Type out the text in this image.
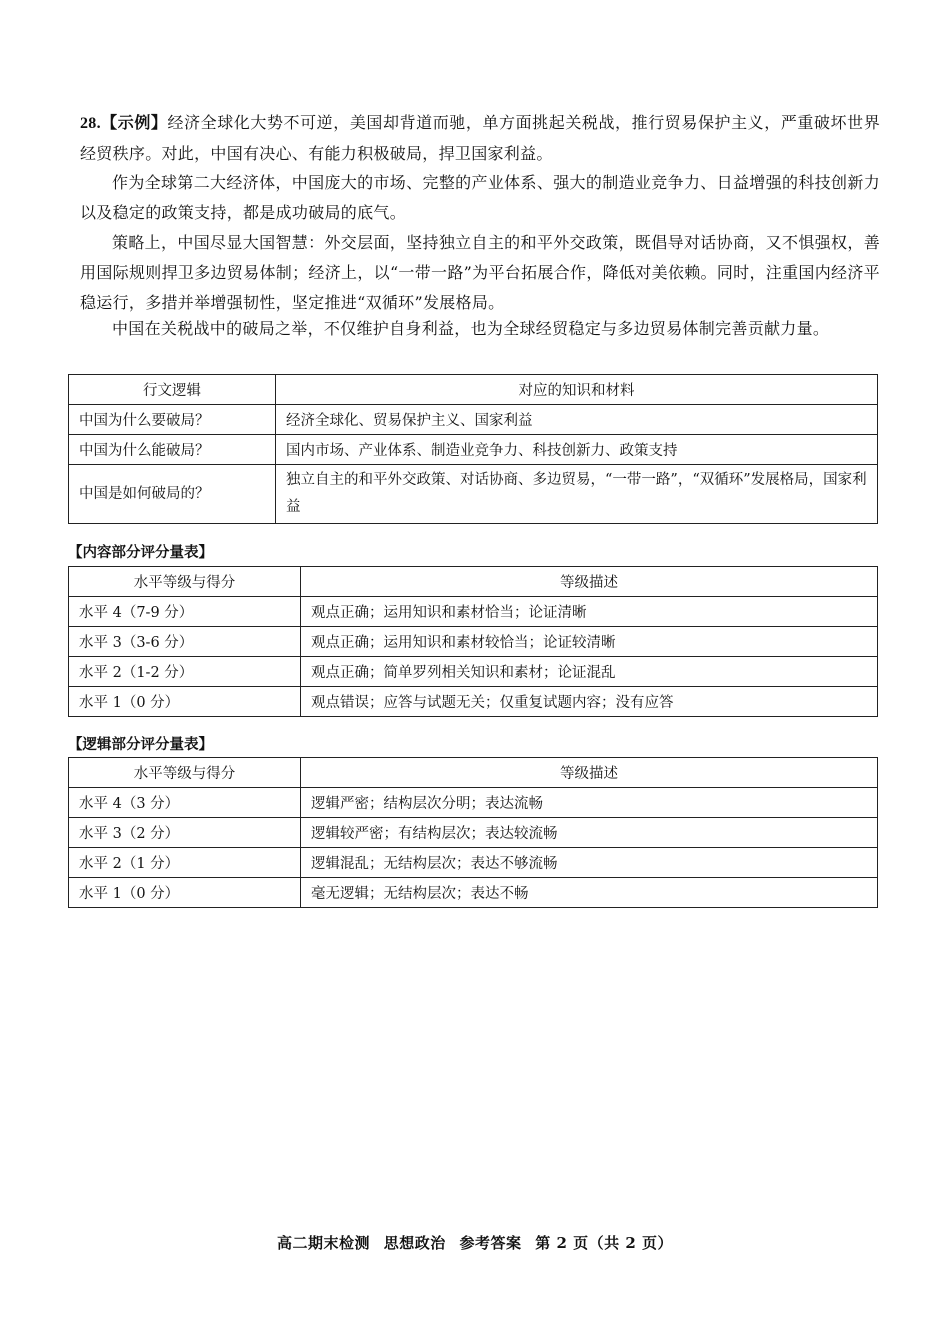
28.【示例】经济全球化大势不可逆，美国却背道而驰，单方面挑起关税战，推行贸易保护主义，严重破坏世界经贸秩序。对此，中国有决心、有能力积极破局，捍卫国家利益。
作为全球第二大经济体，中国庞大的市场、完整的产业体系、强大的制造业竞争力、日益增强的科技创新力以及稳定的政策支持，都是成功破局的底气。
策略上，中国尽显大国智慧：外交层面，坚持独立自主的和平外交政策，既倡导对话协商，又不惧强权，善用国际规则捍卫多边贸易体制；经济上，以“一带一路”为平台拓展合作，降低对美依赖。同时，注重国内经济平稳运行，多措并举增强韧性，坚定推进“双循环”发展格局。
中国在关税战中的破局之举，不仅维护自身利益，也为全球经贸稳定与多边贸易体制完善贡献力量。
行文逻辑	对应的知识和材料
中国为什么要破局？	经济全球化、贸易保护主义、国家利益
中国为什么能破局？	国内市场、产业体系、制造业竞争力、科技创新力、政策支持
中国是如何破局的？	独立自主的和平外交政策、对话协商、多边贸易，“一带一路”，“双循环”发展格局，国家利益
【内容部分评分量表】
水平等级与得分	等级描述
水平 4（7-9 分）	观点正确；运用知识和素材恰当；论证清晰
水平 3（3-6 分）	观点正确；运用知识和素材较恰当；论证较清晰
水平 2（1-2 分）	观点正确；简单罗列相关知识和素材；论证混乱
水平 1（0 分）	观点错误；应答与试题无关；仅重复试题内容；没有应答
【逻辑部分评分量表】
水平等级与得分	等级描述
水平 4（3 分）	逻辑严密；结构层次分明；表达流畅
水平 3（2 分）	逻辑较严密；有结构层次；表达较流畅
水平 2（1 分）	逻辑混乱；无结构层次；表达不够流畅
水平 1（0 分）	毫无逻辑；无结构层次；表达不畅
高二期末检测 思想政治 参考答案 第 2 页（共 2 页）
